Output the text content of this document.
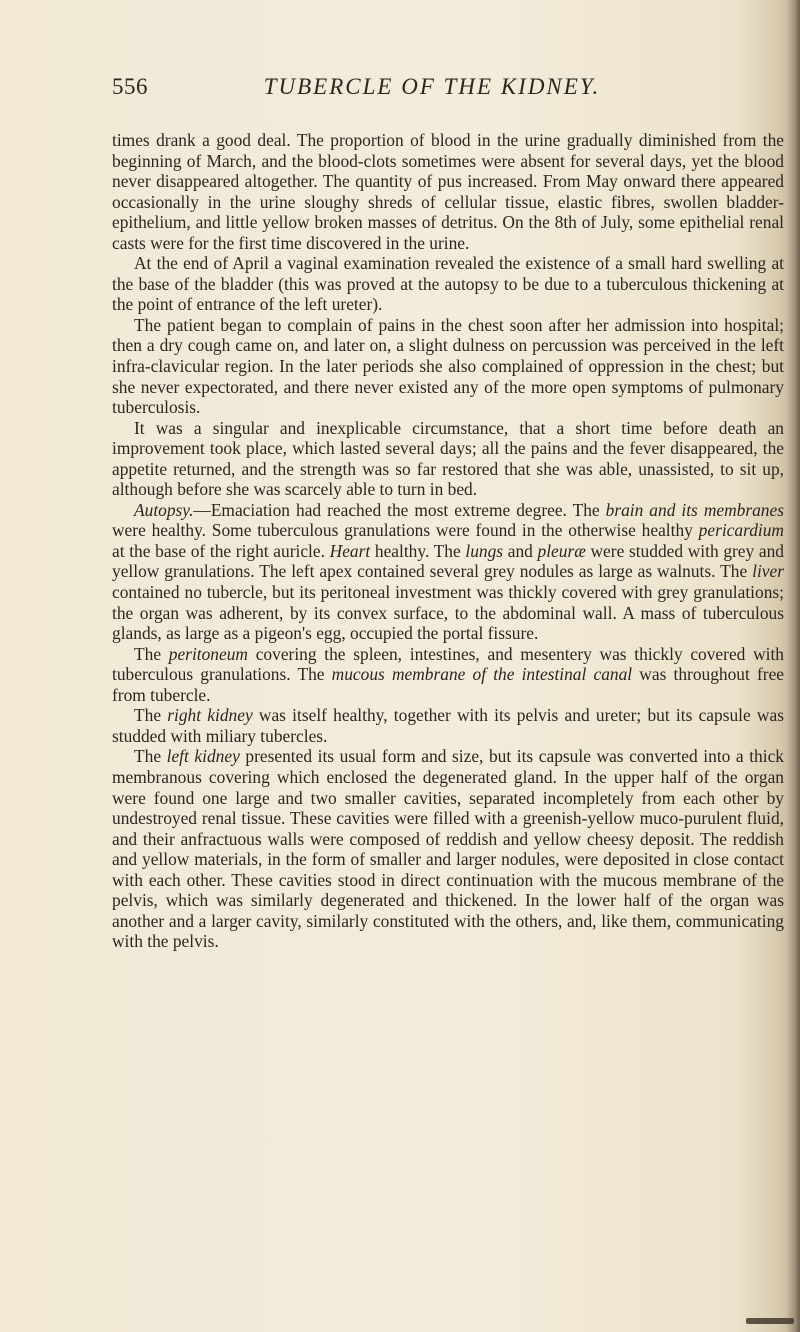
556	TUBERCLE OF THE KIDNEY.

times drank a good deal. The proportion of blood in the urine gradually diminished from the beginning of March, and the blood-clots sometimes were absent for several days, yet the blood never disappeared altogether. The quantity of pus increased. From May onward there appeared occasionally in the urine sloughy shreds of cellular tissue, elastic fibres, swollen bladder-epithelium, and little yellow broken masses of detritus. On the 8th of July, some epithelial renal casts were for the first time discovered in the urine.

At the end of April a vaginal examination revealed the existence of a small hard swelling at the base of the bladder (this was proved at the autopsy to be due to a tuberculous thickening at the point of entrance of the left ureter).

The patient began to complain of pains in the chest soon after her admission into hospital; then a dry cough came on, and later on, a slight dulness on percussion was perceived in the left infra-clavicular region. In the later periods she also complained of oppression in the chest; but she never expectorated, and there never existed any of the more open symptoms of pulmonary tuberculosis.

It was a singular and inexplicable circumstance, that a short time before death an improvement took place, which lasted several days; all the pains and the fever disappeared, the appetite returned, and the strength was so far restored that she was able, unassisted, to sit up, although before she was scarcely able to turn in bed.

Autopsy.—Emaciation had reached the most extreme degree. The brain and its membranes were healthy. Some tuberculous granulations were found in the otherwise healthy pericardium at the base of the right auricle. Heart healthy. The lungs and pleuræ were studded with grey and yellow granulations. The left apex contained several grey nodules as large as walnuts. The liver contained no tubercle, but its peritoneal investment was thickly covered with grey granulations; the organ was adherent, by its convex surface, to the abdominal wall. A mass of tuberculous glands, as large as a pigeon's egg, occupied the portal fissure.

The peritoneum covering the spleen, intestines, and mesentery was thickly covered with tuberculous granulations. The mucous membrane of the intestinal canal was throughout free from tubercle.

The right kidney was itself healthy, together with its pelvis and ureter; but its capsule was studded with miliary tubercles.

The left kidney presented its usual form and size, but its capsule was converted into a thick membranous covering which enclosed the degenerated gland. In the upper half of the organ were found one large and two smaller cavities, separated incompletely from each other by undestroyed renal tissue. These cavities were filled with a greenish-yellow muco-purulent fluid, and their anfractuous walls were composed of reddish and yellow cheesy deposit. The reddish and yellow materials, in the form of smaller and larger nodules, were deposited in close contact with each other. These cavities stood in direct continuation with the mucous membrane of the pelvis, which was similarly degenerated and thickened. In the lower half of the organ was another and a larger cavity, similarly constituted with the others, and, like them, communicating with the pelvis.
